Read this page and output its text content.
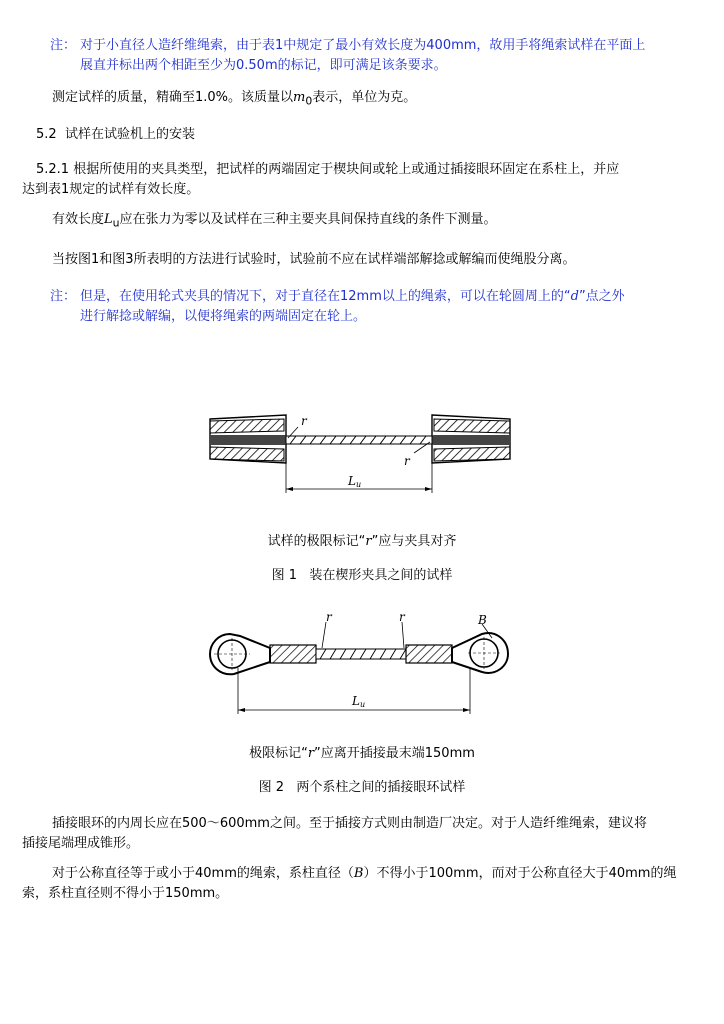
注： 对于小直径人造纤维绳索，由于表1中规定了最小有效长度为400mm，故用手将绳索试样在平面上
展直并标出两个相距至少为0.50m的标记，即可满足该条要求。
测定试样的质量，精确至1.0%。该质量以$m_0$表示，单位为克。
5.2  试样在试验机上的安装
5.2.1 根据所使用的夹具类型，把试样的两端固定于楔块间或轮上或通过插接眼环固定在系柱上，并应
达到表1规定的试样有效长度。
有效长度$L_u$应在张力为零以及试样在三种主要夹具间保持直线的条件下测量。
当按图1和图3所表明的方法进行试验时，试验前不应在试样端部解捻或解编而使绳股分离。
注： 但是，在使用轮式夹具的情况下，对于直径在12mm以上的绳索，可以在轮圆周上的“d”点之外
进行解捻或解编，以便将绳索的两端固定在轮上。
r
r
Lu
试样的极限标记“r”应与夹具对齐
图 1   装在楔形夹具之间的试样
r	r	B
Lu
极限标记“r”应离开插接最末端150mm
图 2   两个系柱之间的插接眼环试样
插接眼环的内周长应在500～600mm之间。至于插接方式则由制造厂决定。对于人造纤维绳索，建议将
插接尾端理成锥形。
对于公称直径等于或小于40mm的绳索，系柱直径（B）不得小于100mm，而对于公称直径大于40mm的绳
索，系柱直径则不得小于150mm。
